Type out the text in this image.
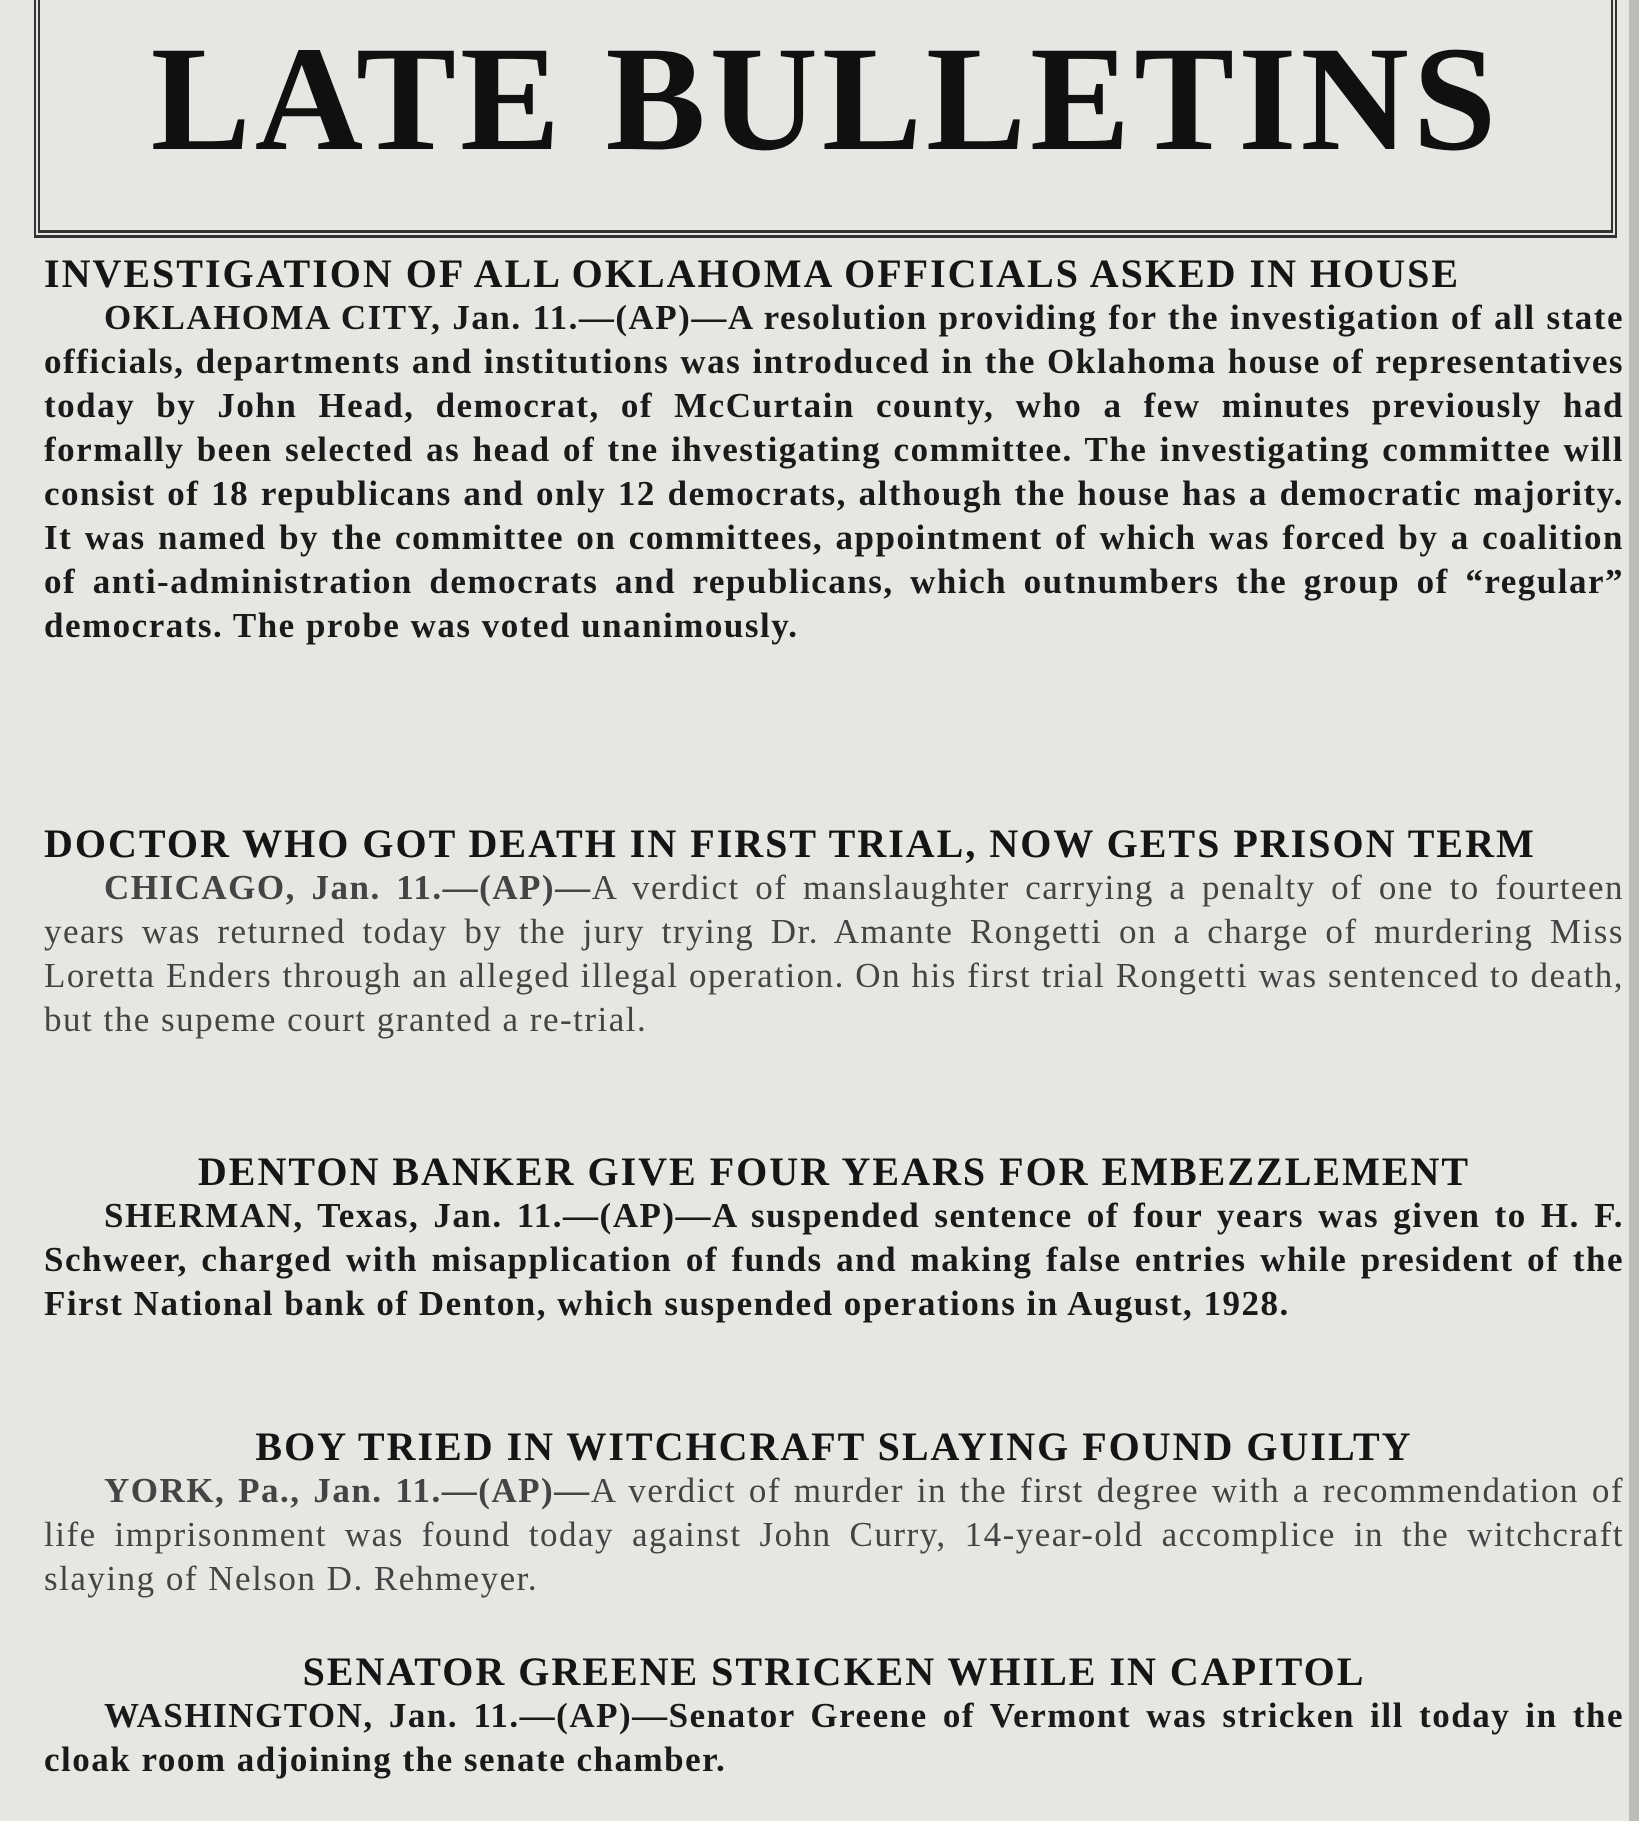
LATE BULLETINS
INVESTIGATION OF ALL OKLAHOMA OFFICIALS ASKED IN HOUSE
OKLAHOMA CITY, Jan. 11.—(AP)—A resolution providing for the investigation of all state officials, departments and institutions was introduced in the Oklahoma house of representatives today by John Head, democrat, of McCurtain county, who a few minutes previously had formally been selected as head of tne ihvestigating committee. The investigating committee will consist of 18 republicans and only 12 democrats, although the house has a democratic majority. It was named by the committee on committees, appointment of which was forced by a coalition of anti-administration democrats and republicans, which outnumbers the group of “regular” democrats. The probe was voted unanimously.
DOCTOR WHO GOT DEATH IN FIRST TRIAL, NOW GETS PRISON TERM
CHICAGO, Jan. 11.—(AP)—A verdict of manslaughter carrying a penalty of one to fourteen years was returned today by the jury trying Dr. Amante Rongetti on a charge of murdering Miss Loretta Enders through an alleged illegal operation. On his first trial Rongetti was sentenced to death, but the supeme court granted a re-trial.
DENTON BANKER GIVE FOUR YEARS FOR EMBEZZLEMENT
SHERMAN, Texas, Jan. 11.—(AP)—A suspended sentence of four years was given to H. F. Schweer, charged with misapplication of funds and making false entries while president of the First National bank of Denton, which suspended operations in August, 1928.
BOY TRIED IN WITCHCRAFT SLAYING FOUND GUILTY
YORK, Pa., Jan. 11.—(AP)—A verdict of murder in the first degree with a recommendation of life imprisonment was found today against John Curry, 14-year-old accomplice in the witchcraft slaying of Nelson D. Rehmeyer.
SENATOR GREENE STRICKEN WHILE IN CAPITOL
WASHINGTON, Jan. 11.—(AP)—Senator Greene of Vermont was stricken ill today in the cloak room adjoining the senate chamber.
